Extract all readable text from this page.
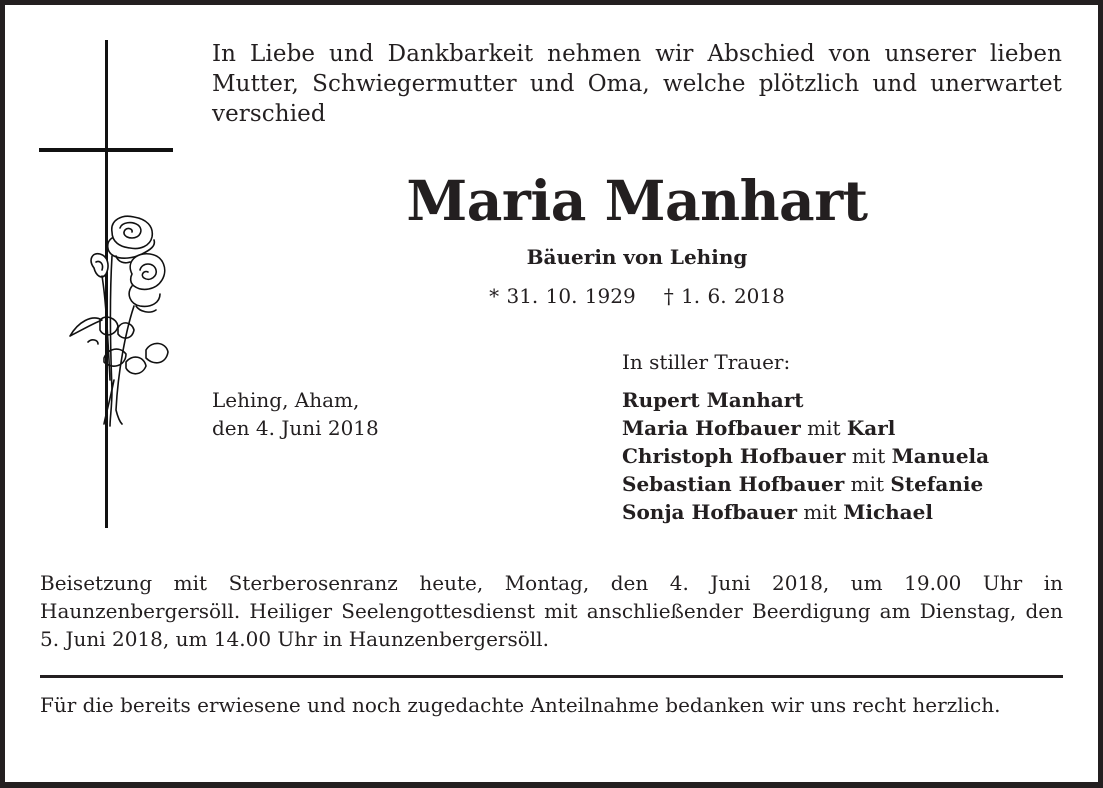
In Liebe und Dankbarkeit nehmen wir Abschied von unserer lieben Mutter, Schwiegermutter und Oma, welche plötzlich und unerwartet verschied
Maria Manhart
Bäuerin von Lehing
* 31. 10. 1929 † 1. 6. 2018
Lehing, Aham,
den 4. Juni 2018
In stiller Trauer:
Rupert Manhart
Maria Hofbauer mit Karl
Christoph Hofbauer mit Manuela
Sebastian Hofbauer mit Stefanie
Sonja Hofbauer mit Michael
Beisetzung mit Sterberosenranz heute, Montag, den 4. Juni 2018, um 19.00 Uhr in Haunzenbergersöll. Heiliger Seelengottesdienst mit anschließender Beerdigung am Dienstag, den 5. Juni 2018, um 14.00 Uhr in Haunzenbergersöll.
Für die bereits erwiesene und noch zugedachte Anteilnahme bedanken wir uns recht herzlich.
